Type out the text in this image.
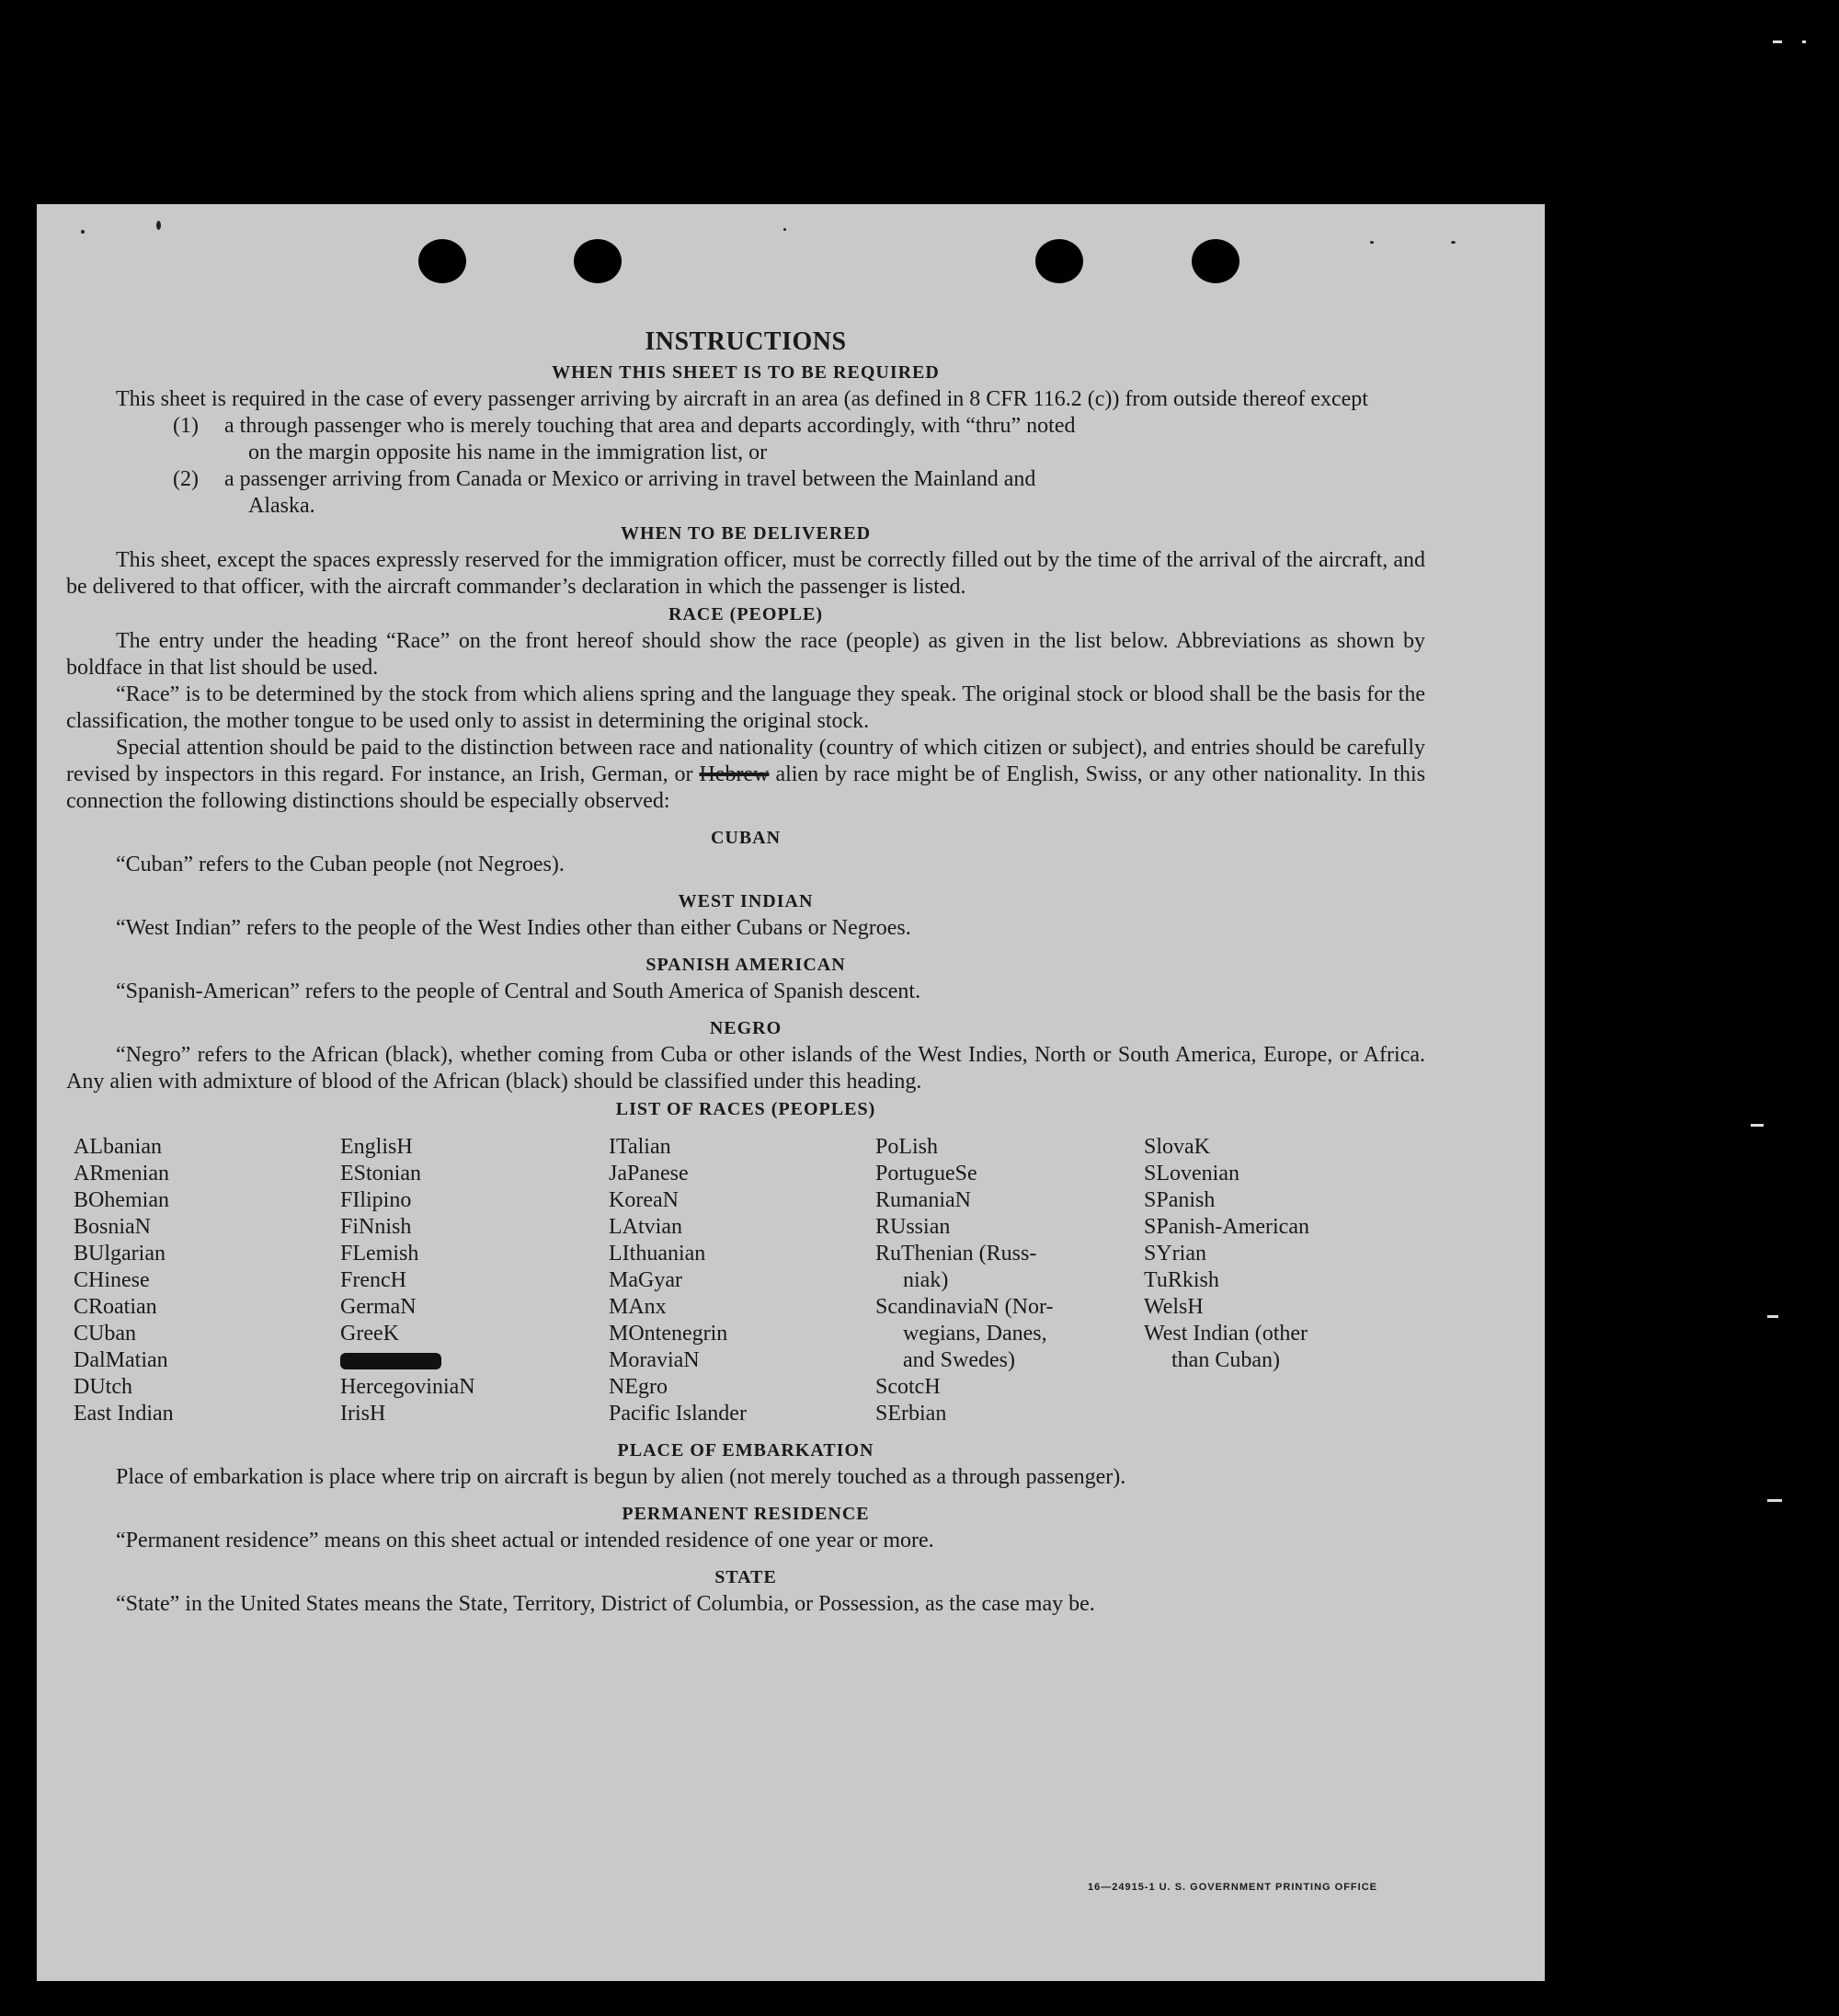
INSTRUCTIONS
WHEN THIS SHEET IS TO BE REQUIRED

This sheet is required in the case of every passenger arriving by aircraft in an area (as defined in 8 CFR 116.2 (c)) from outside thereof except

(1)	a through passenger who is merely touching that area and departs accordingly, with “thru” noted
on the margin opposite his name in the immigration list, or
(2)	a passenger arriving from Canada or Mexico or arriving in travel between the Mainland and
Alaska.
WHEN TO BE DELIVERED

This sheet, except the spaces expressly reserved for the immigration officer, must be correctly filled out by the time of the arrival of the aircraft, and be delivered to that officer, with the aircraft commander’s declaration in which the passenger is listed.

RACE (PEOPLE)

The entry under the heading “Race” on the front hereof should show the race (people) as given in the list below. Abbreviations as shown by boldface in that list should be used.

“Race” is to be determined by the stock from which aliens spring and the language they speak. The original stock or blood shall be the basis for the classification, the mother tongue to be used only to assist in determining the original stock.

Special attention should be paid to the distinction between race and nationality (country of which citizen or subject), and entries should be carefully revised by inspectors in this regard. For instance, an Irish, German, or Hebrew alien by race might be of English, Swiss, or any other nationality. In this connection the following distinctions should be especially observed:

CUBAN

“Cuban” refers to the Cuban people (not Negroes).

WEST INDIAN

“West Indian” refers to the people of the West Indies other than either Cubans or Negroes.

SPANISH AMERICAN

“Spanish-American” refers to the people of Central and South America of Spanish descent.

NEGRO

“Negro” refers to the African (black), whether coming from Cuba or other islands of the West Indies, North or South America, Europe, or Africa. Any alien with admixture of blood of the African (black) should be classified under this heading.

LIST OF RACES (PEOPLES)
ALbanian
ARmenian
BOhemian
BosniaN
BUlgarian
CHinese
CRoatian
CUban
DalMatian
DUtch
East Indian
EnglisH
EStonian
FIlipino
FiNnish
FLemish
FrencH
GermaN
GreeK
HercegoviniaN
IrisH
ITalian
JaPanese
KoreaN
LAtvian
LIthuanian
MaGyar
MAnx
MOntenegrin
MoraviaN
NEgro
Pacific Islander
PoLish
PortugueSe
RumaniaN
RUssian
RuThenian (Russ-
niak)
ScandinaviaN (Nor-
wegians, Danes,
and Swedes)
ScotcH
SErbian
SlovaK
SLovenian
SPanish
SPanish-American
SYrian
TuRkish
WelsH
West Indian (other
than Cuban)
PLACE OF EMBARKATION

Place of embarkation is place where trip on aircraft is begun by alien (not merely touched as a through passenger).

PERMANENT RESIDENCE

“Permanent residence” means on this sheet actual or intended residence of one year or more.

STATE

“State” in the United States means the State, Territory, District of Columbia, or Possession, as the case may be.

16—24915-1 U. S. GOVERNMENT PRINTING OFFICE
